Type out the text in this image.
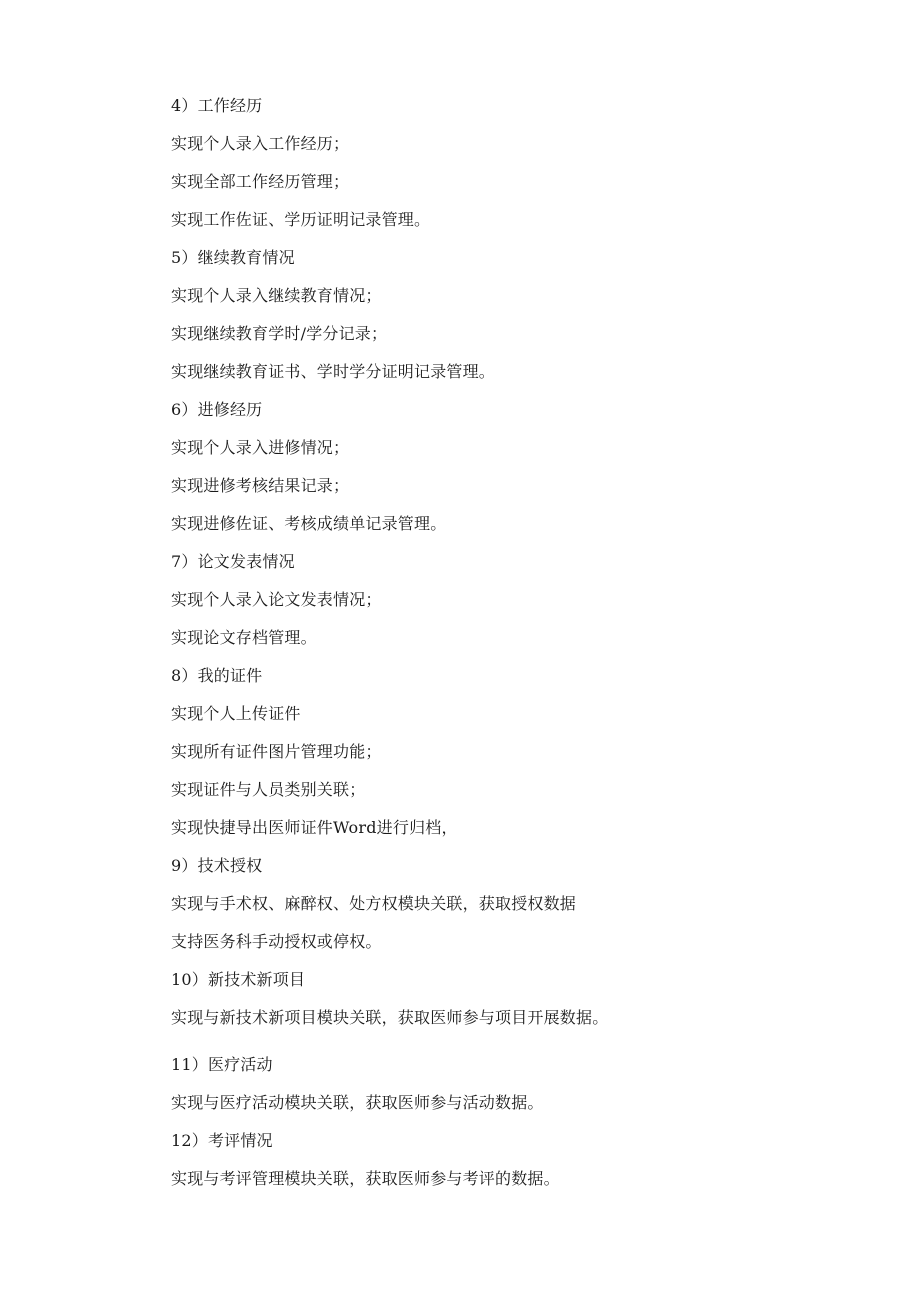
4）工作经历
实现个人录入工作经历；
实现全部工作经历管理；
实现工作佐证、学历证明记录管理。
5）继续教育情况
实现个人录入继续教育情况；
实现继续教育学时/学分记录；
实现继续教育证书、学时学分证明记录管理。
6）进修经历
实现个人录入进修情况；
实现进修考核结果记录；
实现进修佐证、考核成绩单记录管理。
7）论文发表情况
实现个人录入论文发表情况；
实现论文存档管理。
8）我的证件
实现个人上传证件
实现所有证件图片管理功能；
实现证件与人员类别关联；
实现快捷导出医师证件Word进行归档，
9）技术授权
实现与手术权、麻醉权、处方权模块关联，获取授权数据
支持医务科手动授权或停权。
10）新技术新项目
实现与新技术新项目模块关联，获取医师参与项目开展数据。
11）医疗活动
实现与医疗活动模块关联，获取医师参与活动数据。
12）考评情况
实现与考评管理模块关联，获取医师参与考评的数据。
